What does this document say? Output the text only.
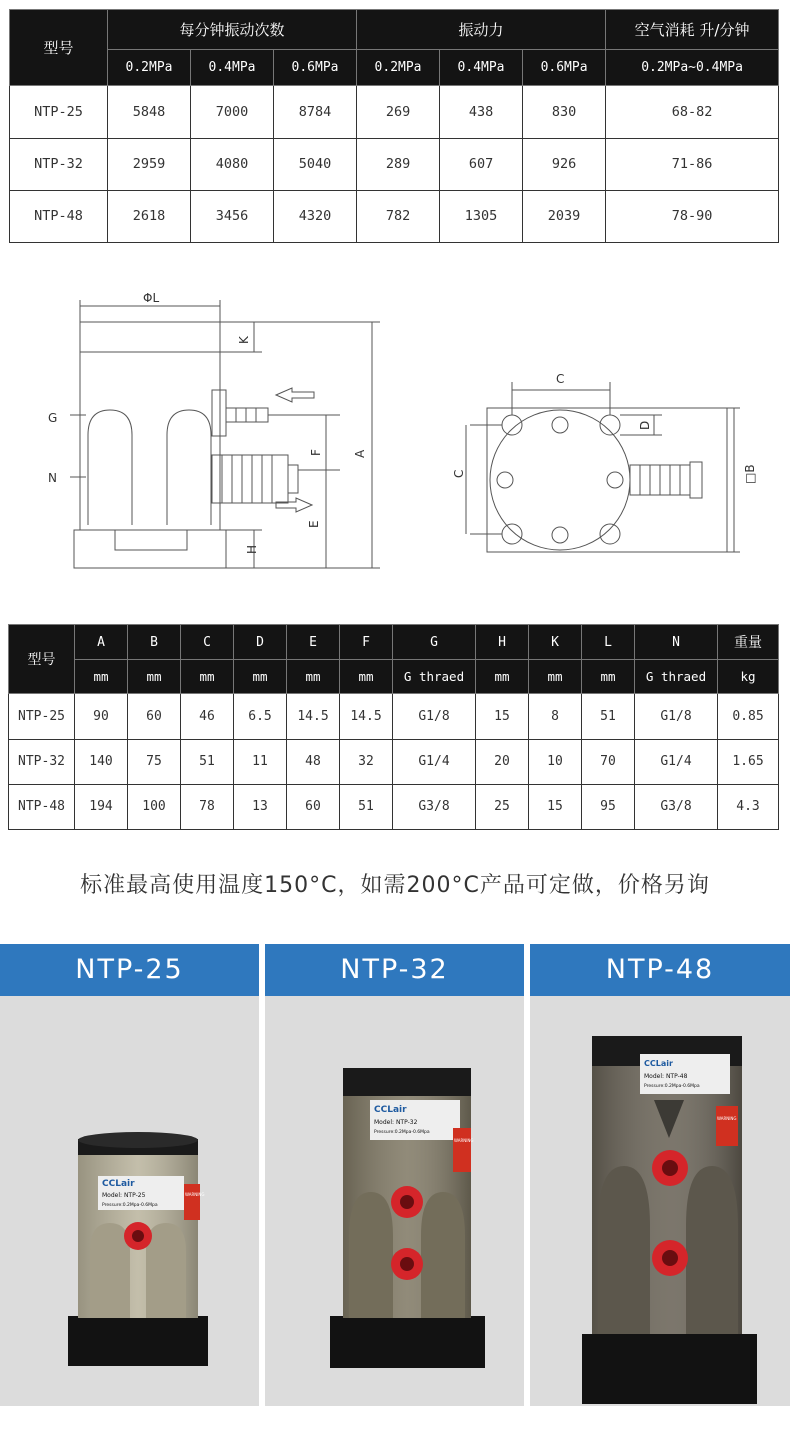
型号	每分钟振动次数			振动力			空气消耗 升/分钟
	0.2MPa	0.4MPa	0.6MPa	0.2MPa	0.4MPa	0.6MPa	0.2MPa~0.4MPa
NTP-25	5848	7000	8784	269	438	830	68-82
NTP-32	2959	4080	5040	289	607	926	71-86
NTP-48	2618	3456	4320	782	1305	2039	78-90
ΦL
K
G
N
F	A
E
H
C
C
D
□B
型号	A	B	C	D	E	F	G	H	K	L	N	重量
	mm	mm	mm	mm	mm	mm	G thraed	mm	mm	mm	G thraed	kg
NTP-25	90	60	46	6.5	14.5	14.5	G1/8	15	8	51	G1/8	0.85
NTP-32	140	75	51	11	48	32	G1/4	20	10	70	G1/4	1.65
NTP-48	194	100	78	13	60	51	G3/8	25	15	95	G3/8	4.3
标准最高使用温度150°C，如需200°C产品可定做，价格另询
NTP-25
CCLair
Model: NTP-25
Pressure:0.2Mpa-0.6Mpa
WARNING
NTP-32
CCLair
Model: NTP-32
Pressure:0.2Mpa-0.6Mpa
WARNING
NTP-48
CCLair
Model: NTP-48
Pressure:0.2Mpa-0.6Mpa
WARNING
